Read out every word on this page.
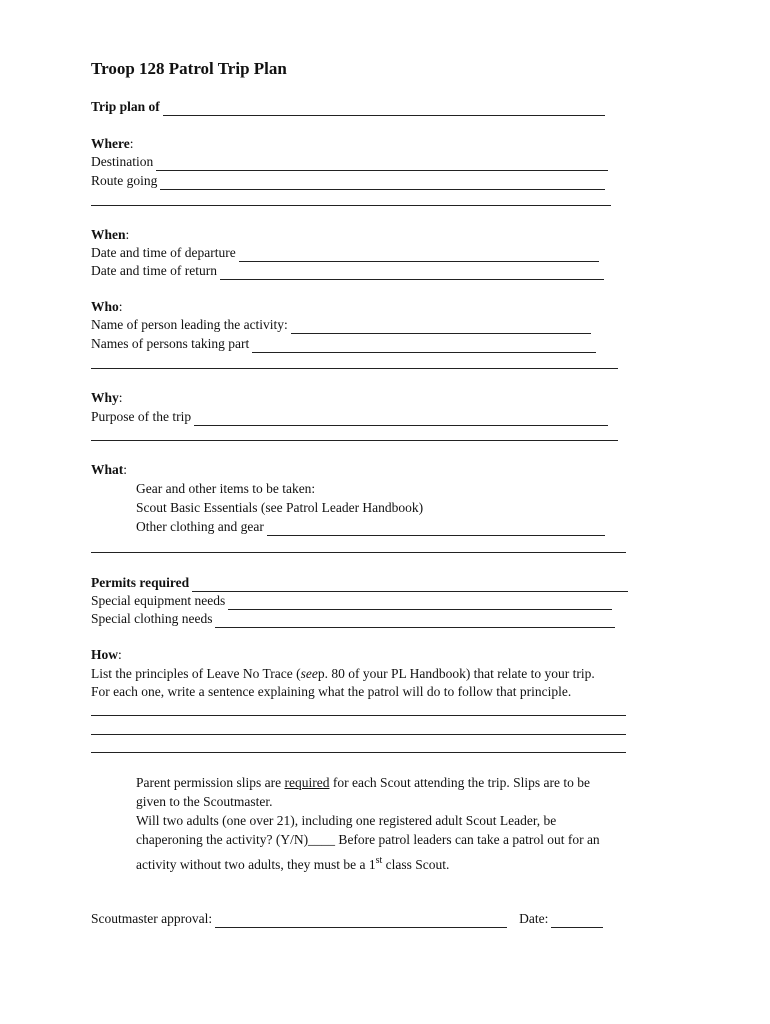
Troop 128 Patrol Trip Plan
Trip plan of
Where :
Destination
Route going
When :
Date and time of departure
Date and time of return
Who :
Name of person leading the activity:
Names of persons taking part
Why :
Purpose of the trip
What :
Gear and other items to be taken:
Scout Basic Essentials (see Patrol Leader Handbook)
Other clothing and gear
Permits required
Special equipment needs
Special clothing needs
How :
List the principles of Leave No Trace ( see p. 80 of your PL Handbook) that relate to your trip.
For each one, write a sentence explaining what the patrol will do to follow that principle.

Parent permission slips are required for each Scout attending the trip. Slips are to be

given to the Scoutmaster.

Will two adults (one over 21), including one registered adult Scout Leader, be

chaperoning the activity? (Y/N)____ Before patrol leaders can take a patrol out for an

activity without two adults, they must be a 1st class Scout.

Scoutmaster approval:	Date:
